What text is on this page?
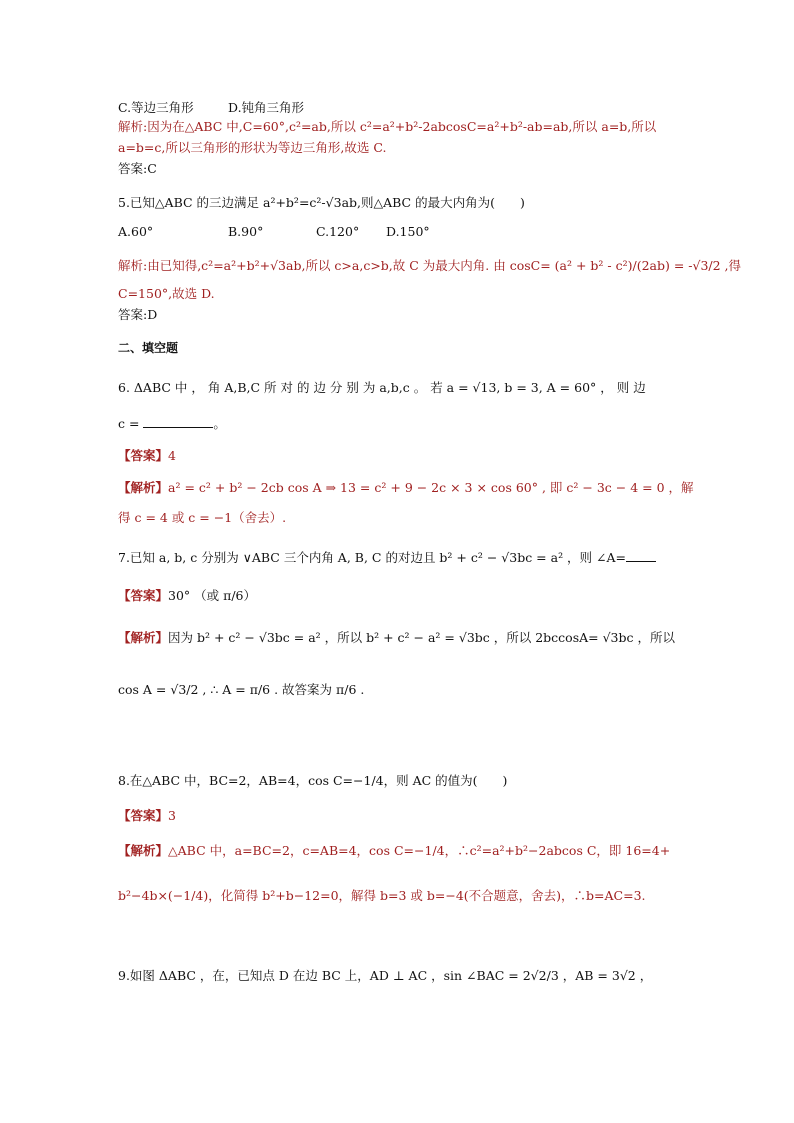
C.等边三角形	D.钝角三角形
解析:因为在△ABC 中,C=60°,c²=ab,所以 c²=a²+b²-2abcosC=a²+b²-ab=ab,所以 a=b,所以
a=b=c,所以三角形的形状为等边三角形,故选 C.
答案:C
5.已知△ABC 的三边满足 a²+b²=c²-√3ab,则△ABC 的最大内角为(　　)
A.60°	B.90°	C.120° D.150°
解析:由已知得,c²=a²+b²+√3ab,所以 c>a,c>b,故 C 为最大内角. 由 cosC= (a² + b² - c²)/(2ab) = -√3/2 ,得
C=150°,故选 D.
答案:D
二、填空题
6. ΔABC 中 ， 角 A,B,C 所 对 的 边 分 别 为 a,b,c 。 若 a = √13, b = 3, A = 60° ， 则 边
c =	。
【答案】4
【解析】a² = c² + b² − 2cb cos A ⇒ 13 = c² + 9 − 2c × 3 × cos 60° , 即 c² − 3c − 4 = 0 ，解
得 c = 4 或 c = −1（舍去）.
7.已知 a, b, c 分别为 ∨ABC 三个内角 A, B, C 的对边且 b² + c² − √3bc = a² ，则 ∠A=
【答案】30° （或 π/6）
【解析】因为 b² + c² − √3bc = a² ，所以 b² + c² − a² = √3bc ，所以 2bccosA= √3bc ，所以
cos A = √3/2 , ∴ A = π/6 . 故答案为 π/6 .
8.在△ABC 中，BC=2，AB=4，cos C=−1/4，则 AC 的值为(　　)
【答案】3
【解析】△ABC 中，a=BC=2，c=AB=4，cos C=−1/4，∴c²=a²+b²−2abcos C，即 16=4+
b²−4b×(−1/4)，化简得 b²+b−12=0，解得 b=3 或 b=−4(不合题意，舍去)，∴b=AC=3.
9.如图 ΔABC ，在，已知点 D 在边 BC 上，AD ⊥ AC ，sin ∠BAC = 2√2/3 ，AB = 3√2 ，
